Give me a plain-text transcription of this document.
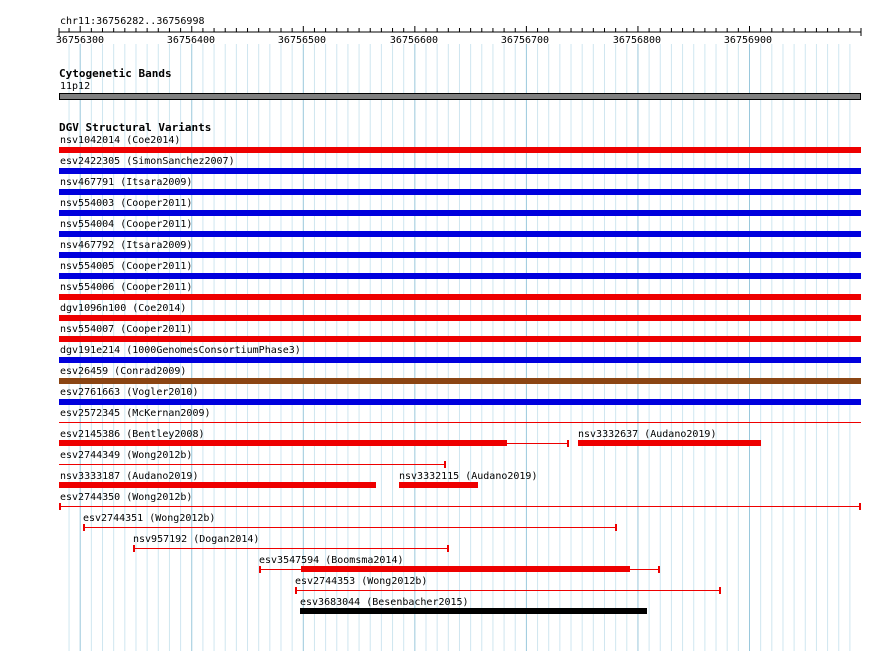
chr11:36756282..36756998
36756300	36756400	36756500	36756600	36756700	36756800	36756900
Cytogenetic Bands
11p12
DGV Structural Variants
nsv1042014 (Coe2014)
esv2422305 (SimonSanchez2007)
nsv467791 (Itsara2009)
nsv554003 (Cooper2011)
nsv554004 (Cooper2011)
nsv467792 (Itsara2009)
nsv554005 (Cooper2011)
nsv554006 (Cooper2011)
dgv1096n100 (Coe2014)
nsv554007 (Cooper2011)
dgv191e214 (1000GenomesConsortiumPhase3)
esv26459 (Conrad2009)
esv2761663 (Vogler2010)
esv2572345 (McKernan2009)
esv2145386 (Bentley2008)	nsv3332637 (Audano2019)
esv2744349 (Wong2012b)
nsv3333187 (Audano2019)	nsv3332115 (Audano2019)
esv2744350 (Wong2012b)
esv2744351 (Wong2012b)
nsv957192 (Dogan2014)
esv3547594 (Boomsma2014)
esv2744353 (Wong2012b)
esv3683044 (Besenbacher2015)
